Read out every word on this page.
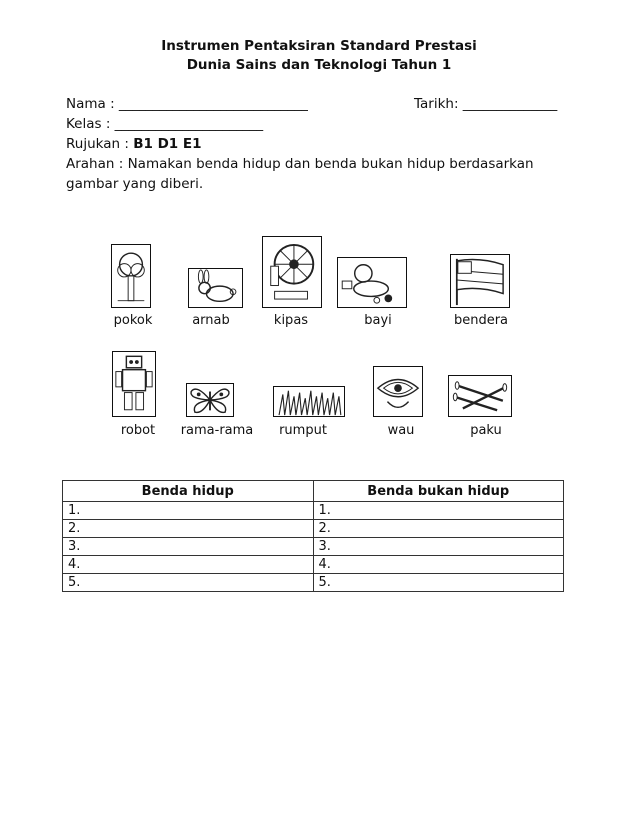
Instrumen Pentaksiran Standard Prestasi
Dunia Sains dan Teknologi Tahun 1
Nama : ____________________________	Tarikh: ______________
Kelas : ______________________
Rujukan : B1 D1 E1
Arahan : Namakan benda hidup dan benda bukan hidup berdasarkan
gambar yang diberi.
pokok	arnab	kipas	bayi	bendera
robot	rama-rama	rumput	wau	paku
Benda hidup	Benda bukan hidup
1.	1.
2.	2.
3.	3.
4.	4.
5.	5.
